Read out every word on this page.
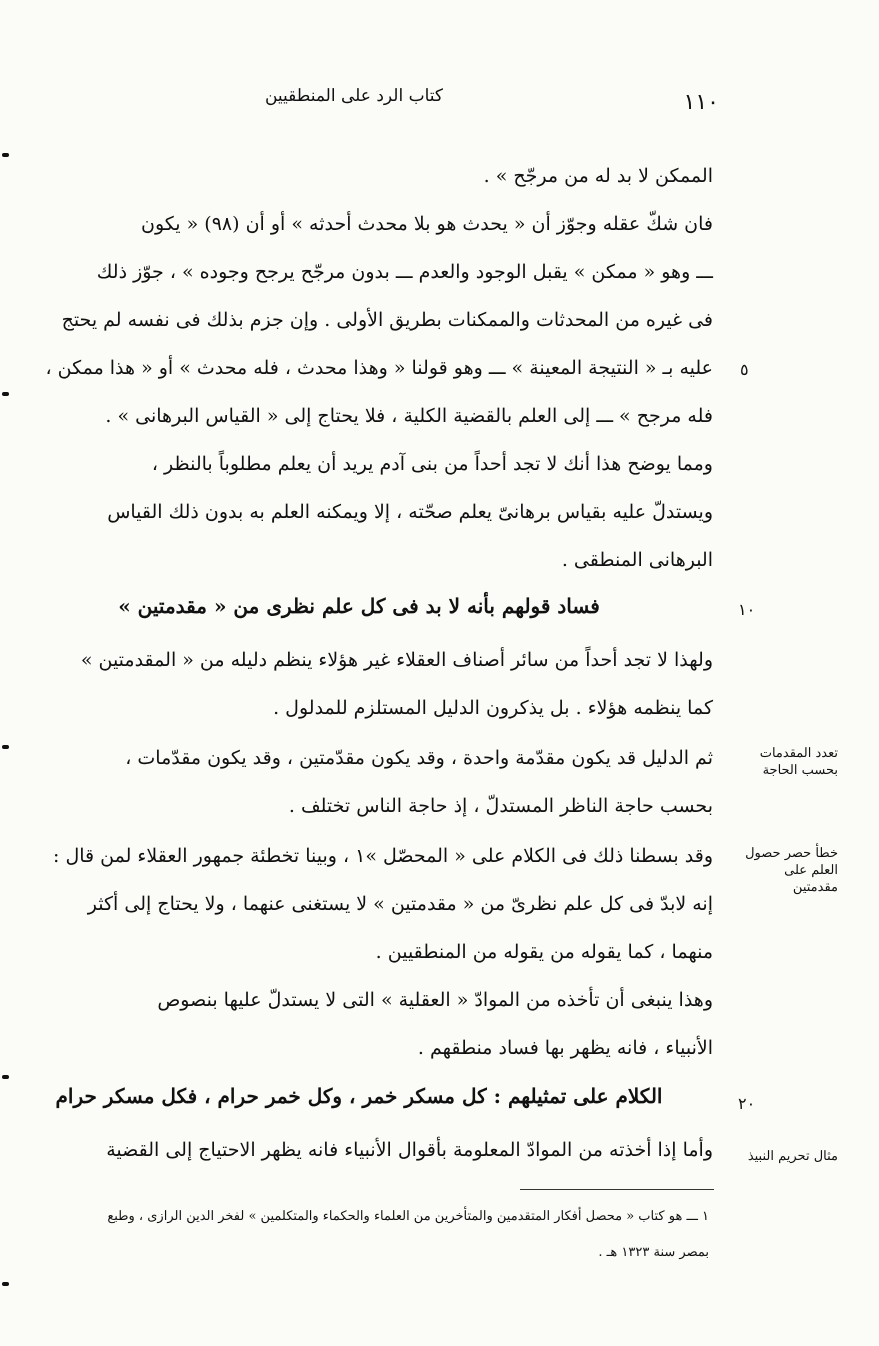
كتاب الرد على المنطقيين	١١٠
الممكن لا بد له من مرجّح » .
فان شكّ عقله وجوّز أن « يحدث هو بلا محدث أحدثه » أو أن (٩٨) « يكون
ـــ وهو « ممكن » يقبل الوجود والعدم ـــ بدون مرجّح يرجح وجوده » ، جوّز ذلك
فى غيره من المحدثات والممكنات بطريق الأولى . وإن جزم بذلك فى نفسه لم يحتج
عليه بـ « النتيجة المعينة » ـــ وهو قولنا « وهذا محدث ، فله محدث » أو « هذا ممكن ،
فله مرجح » ـــ إلى العلم بالقضية الكلية ، فلا يحتاج إلى « القياس البرهانى » .
ومما يوضح هذا أنك لا تجد أحداً من بنى آدم يريد أن يعلم مطلوباً بالنظر ،
ويستدلّ عليه بقياس برهانىّ يعلم صحّته ، إلا ويمكنه العلم به بدون ذلك القياس
البرهانى المنطقى .
فساد قولهم بأنه لا بد فى كل علم نظرى من « مقدمتين »
ولهذا لا تجد أحداً من سائر أصناف العقلاء غير هؤلاء ينظم دليله من « المقدمتين »
كما ينظمه هؤلاء . بل يذكرون الدليل المستلزم للمدلول .
ثم الدليل قد يكون مقدّمة واحدة ، وقد يكون مقدّمتين ، وقد يكون مقدّمات ،
بحسب حاجة الناظر المستدلّ ، إذ حاجة الناس تختلف .
وقد بسطنا ذلك فى الكلام على « المحصّل »١ ، وبينا تخطئة جمهور العقلاء لمن قال :
إنه لابدّ فى كل علم نظرىّ من « مقدمتين » لا يستغنى عنهما ، ولا يحتاج إلى أكثر
منهما ، كما يقوله من يقوله من المنطقيين .
وهذا ينبغى أن تأخذه من الموادّ « العقلية » التى لا يستدلّ عليها بنصوص
الأنبياء ، فانه يظهر بها فساد منطقهم .
الكلام على تمثيلهم : كل مسكر خمر ، وكل خمر حرام ، فكل مسكر حرام
وأما إذا أخذته من الموادّ المعلومة بأقوال الأنبياء فانه يظهر الاحتياج إلى القضية
٥
١٠
٢٠
تعدد المقدمات بحسب الحاجة
خطأ حصر حصول العلم على مقدمتين
مثال تحريم النبيذ
١ ـــ هو كتاب « محصل أفكار المتقدمين والمتأخرين من العلماء والحكماء والمتكلمين » لفخر الدين الرازى ، وطبع
بمصر سنة ١٣٢٣ هـ .
